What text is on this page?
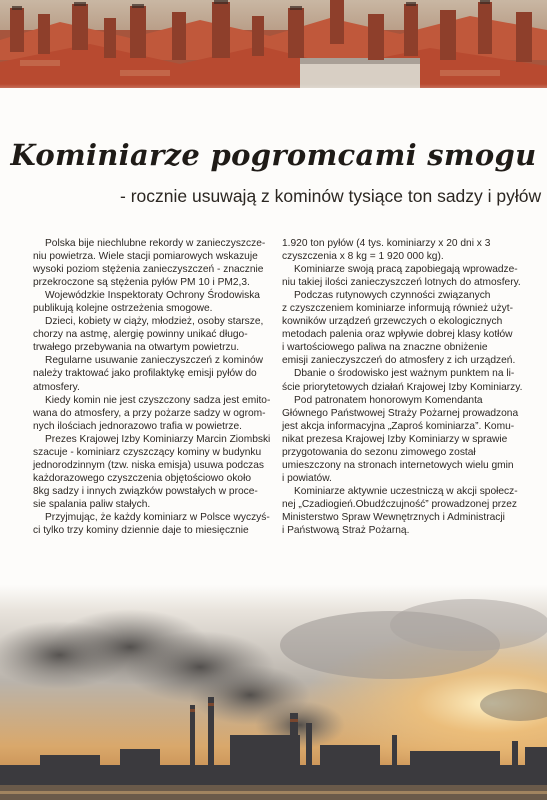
Kominiarze pogromcami smogu

- rocznie usuwają z kominów tysiące ton sadzy i pyłów

Polska bije niechlubne rekordy w zanieczyszcze-
niu powietrza. Wiele stacji pomiarowych wskazuje
wysoki poziom stężenia zanieczyszczeń - znacznie
przekroczone są stężenia pyłów PM 10 i PM2,3.

Wojewódzkie Inspektoraty Ochrony Środowiska
publikują kolejne ostrzeżenia smogowe.

Dzieci, kobiety w ciąży, młodzież, osoby starsze,
chorzy na astmę, alergię powinny unikać długo-
trwałego przebywania na otwartym powietrzu.

Regularne usuwanie zanieczyszczeń z kominów
należy traktować jako profilaktykę emisji pyłów do
atmosfery.

Kiedy komin nie jest czyszczony sadza jest emito-
wana do atmosfery, a przy pożarze sadzy w ogrom-
nych ilościach jednorazowo trafia w powietrze.

Prezes Krajowej Izby Kominiarzy Marcin Ziombski
szacuje - kominiarz czyszczący kominy w budynku
jednorodzinnym (tzw. niska emisja) usuwa podczas
każdorazowego czyszczenia objętościowo około
8kg sadzy i innych związków powstałych w proce-
sie spalania paliw stałych.

Przyjmując, że każdy kominiarz w Polsce wyczyś-
ci tylko trzy kominy dziennie daje to miesięcznie

1.920 ton pyłów (4 tys. kominiarzy x 20 dni x 3
czyszczenia x 8 kg = 1 920 000 kg).

Kominiarze swoją pracą zapobiegają wprowadze-
niu takiej ilości zanieczyszczeń lotnych do atmosfery.

Podczas rutynowych czynności związanych
z czyszczeniem kominiarze informują również użyt-
kowników urządzeń grzewczych o ekologicznych
metodach palenia oraz wpływie dobrej klasy kotłów
i wartościowego paliwa na znaczne obniżenie
emisji zanieczyszczeń do atmosfery z ich urządzeń.

Dbanie o środowisko jest ważnym punktem na li-
ście priorytetowych działań Krajowej Izby Kominiarzy.

Pod patronatem honorowym Komendanta
Głównego Państwowej Straży Pożarnej prowadzona
jest akcja informacyjna „Zaproś kominiarza”. Komu-
nikat prezesa Krajowej Izby Kominiarzy w sprawie
przygotowania do sezonu zimowego został
umieszczony na stronach internetowych wielu gmin
i powiatów.

Kominiarze aktywnie uczestniczą w akcji społecz-
nej „Czadiogień.Obudźczujność” prowadzonej przez
Ministerstwo Spraw Wewnętrznych i Administracji
i Państwową Straż Pożarną.
